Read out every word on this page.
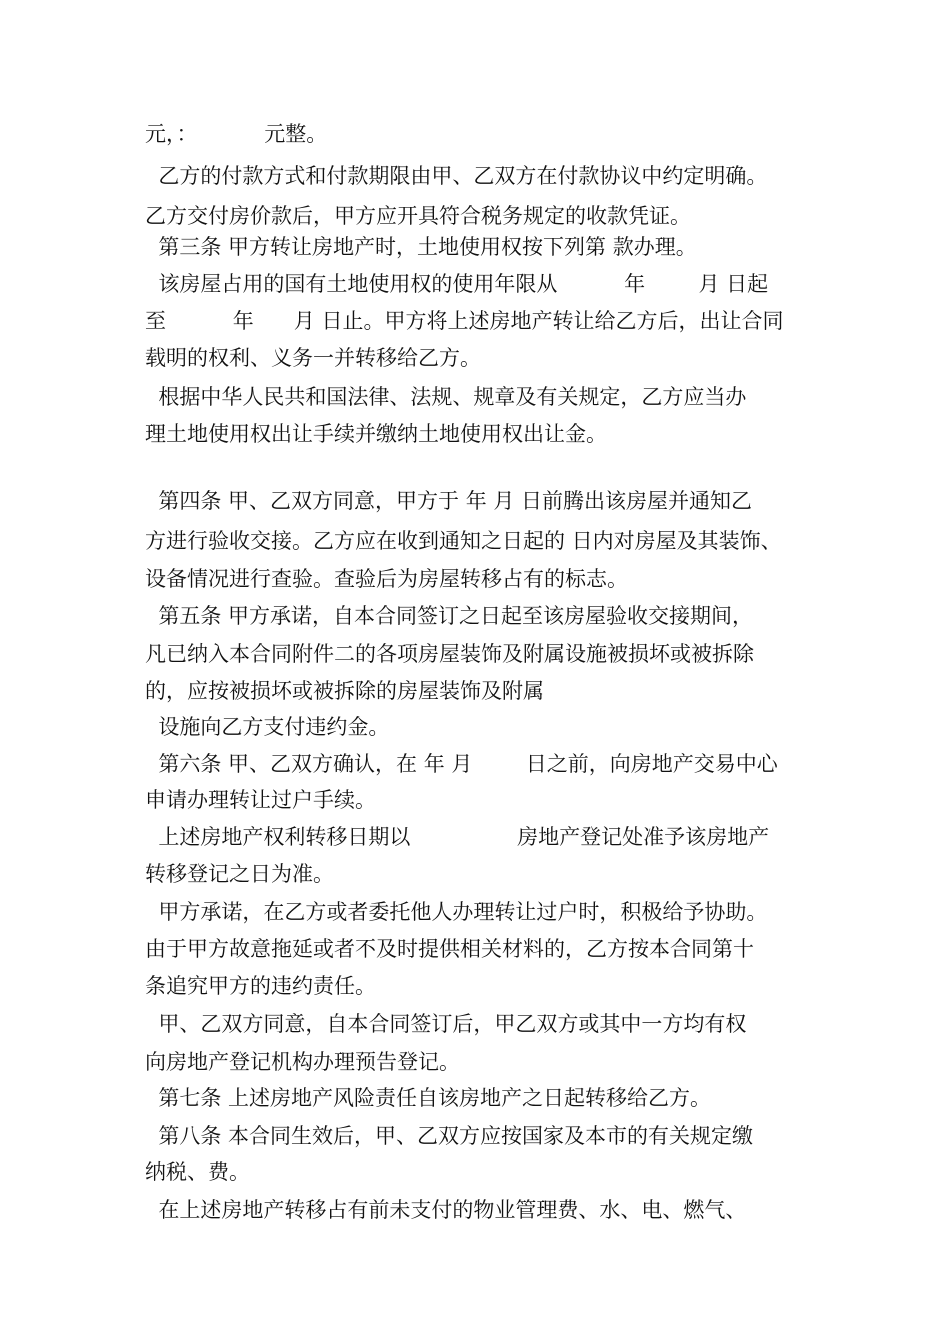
元，：          元整。
乙方的付款方式和付款期限由甲、乙双方在付款协议中约定明确。
乙方交付房价款后，甲方应开具符合税务规定的收款凭证。
第三条 甲方转让房地产时，土地使用权按下列第 款办理。
该房屋占用的国有土地使用权的使用年限从          年        月 日起
至          年      月 日止。甲方将上述房地产转让给乙方后，出让合同
载明的权利、义务一并转移给乙方。
根据中华人民共和国法律、法规、规章及有关规定，乙方应当办
理土地使用权出让手续并缴纳土地使用权出让金。
第四条 甲、乙双方同意，甲方于 年 月 日前腾出该房屋并通知乙
方进行验收交接。乙方应在收到通知之日起的 日内对房屋及其装饰、
设备情况进行查验。查验后为房屋转移占有的标志。
第五条 甲方承诺，自本合同签订之日起至该房屋验收交接期间，
凡已纳入本合同附件二的各项房屋装饰及附属设施被损坏或被拆除
的，应按被损坏或被拆除的房屋装饰及附属
设施向乙方支付违约金。
第六条 甲、乙双方确认，在 年 月        日之前，向房地产交易中心
申请办理转让过户手续。
上述房地产权利转移日期以                房地产登记处准予该房地产
转移登记之日为准。
甲方承诺，在乙方或者委托他人办理转让过户时，积极给予协助。
由于甲方故意拖延或者不及时提供相关材料的，乙方按本合同第十
条追究甲方的违约责任。
甲、乙双方同意，自本合同签订后，甲乙双方或其中一方均有权
向房地产登记机构办理预告登记。
第七条 上述房地产风险责任自该房地产之日起转移给乙方。
第八条 本合同生效后，甲、乙双方应按国家及本市的有关规定缴
纳税、费。
在上述房地产转移占有前未支付的物业管理费、水、电、燃气、
